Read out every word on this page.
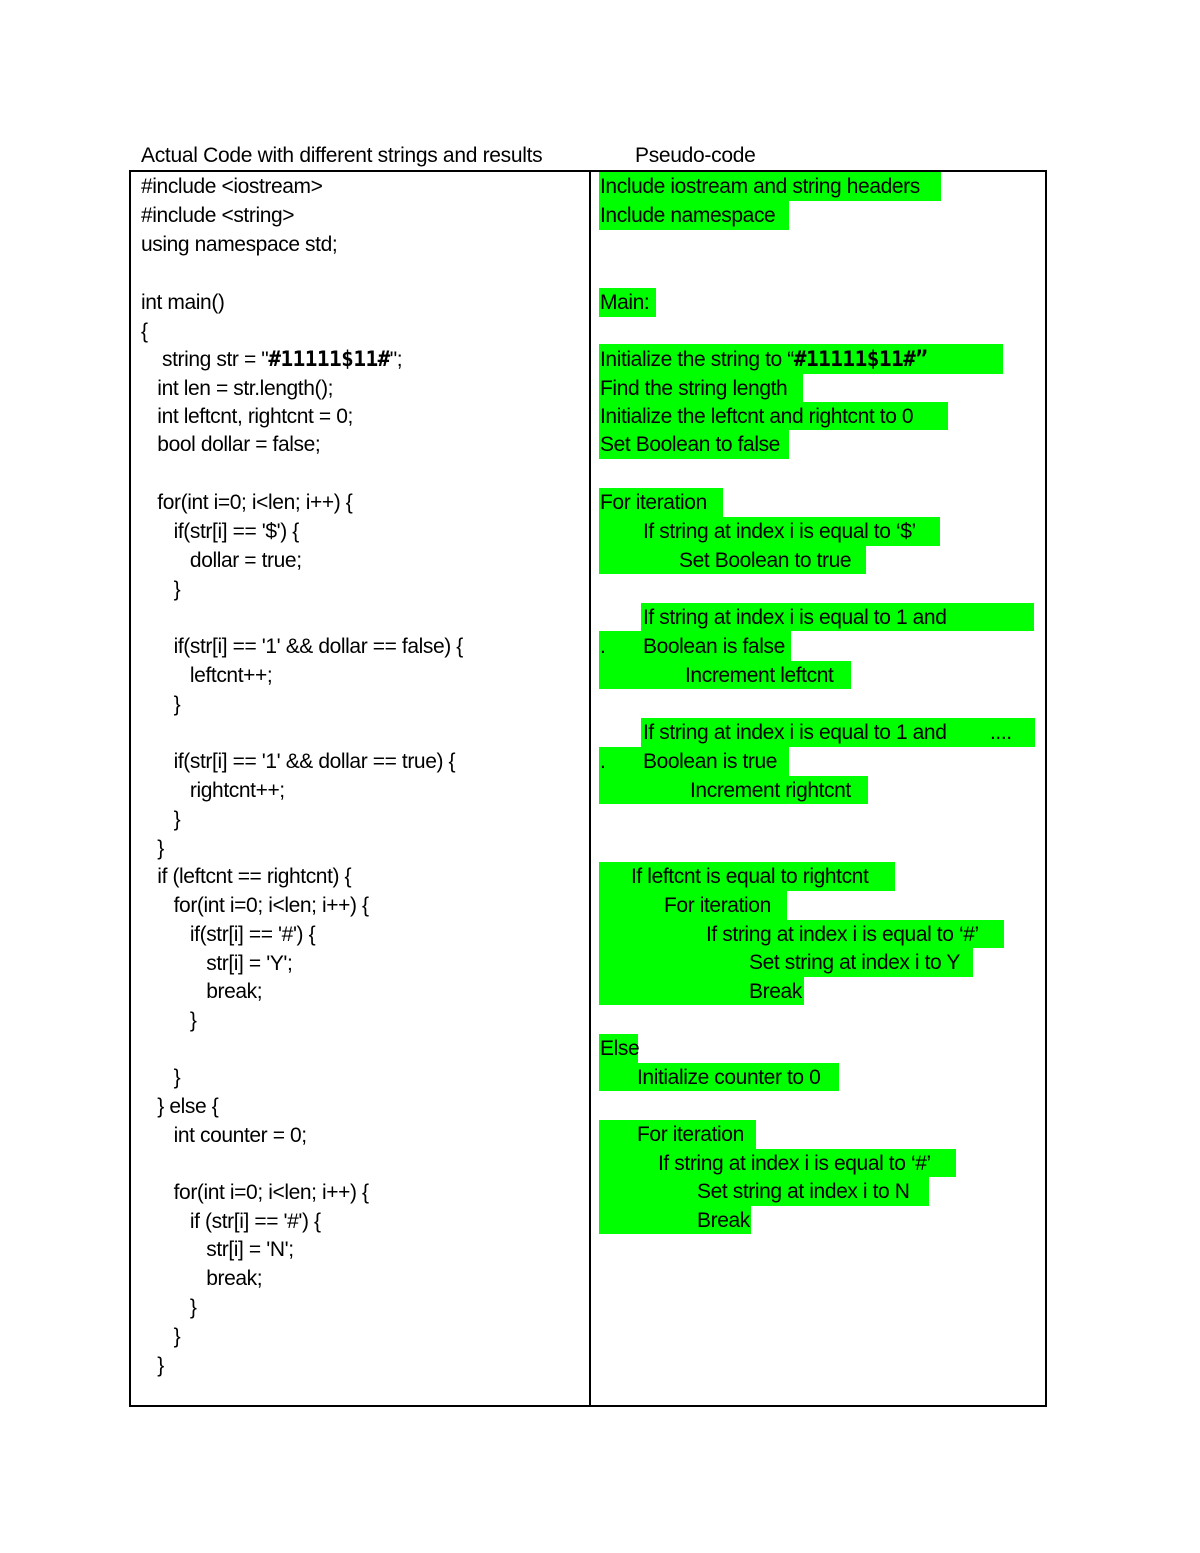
Actual Code with different strings and results	Pseudo-code
#include <iostream>
#include <string>
using namespace std;
int main()
{
string str = "#11111$11#";
int len = str.length();
int leftcnt, rightcnt = 0;
bool dollar = false;
for(int i=0; i<len; i++) {
if(str[i] == '$') {
dollar = true;
}
if(str[i] == '1' && dollar == false) {
leftcnt++;
}
if(str[i] == '1' && dollar == true) {
rightcnt++;
}
}
if (leftcnt == rightcnt) {
for(int i=0; i<len; i++) {
if(str[i] == '#') {
str[i] = 'Y';
break;
}
}
} else {
int counter = 0;
for(int i=0; i<len; i++) {
if (str[i] == '#') {
str[i] = 'N';
break;
}
}
}
Include iostream and string headers
Include namespace
Main:
Initialize the string to “#11111$11#”
Find the string length
Initialize the leftcnt and rightcnt to 0
Set Boolean to false
For iteration
If string at index i is equal to ‘$’
Set Boolean to true
If string at index i is equal to 1 and
. Boolean is false
Increment leftcnt
If string at index i is equal to 1 and ....
. Boolean is true
Increment rightcnt
If leftcnt is equal to rightcnt
For iteration
If string at index i is equal to ‘#’
Set string at index i to Y
Break
Else
Initialize counter to 0
For iteration
If string at index i is equal to ‘#’
Set string at index i to N
Break
